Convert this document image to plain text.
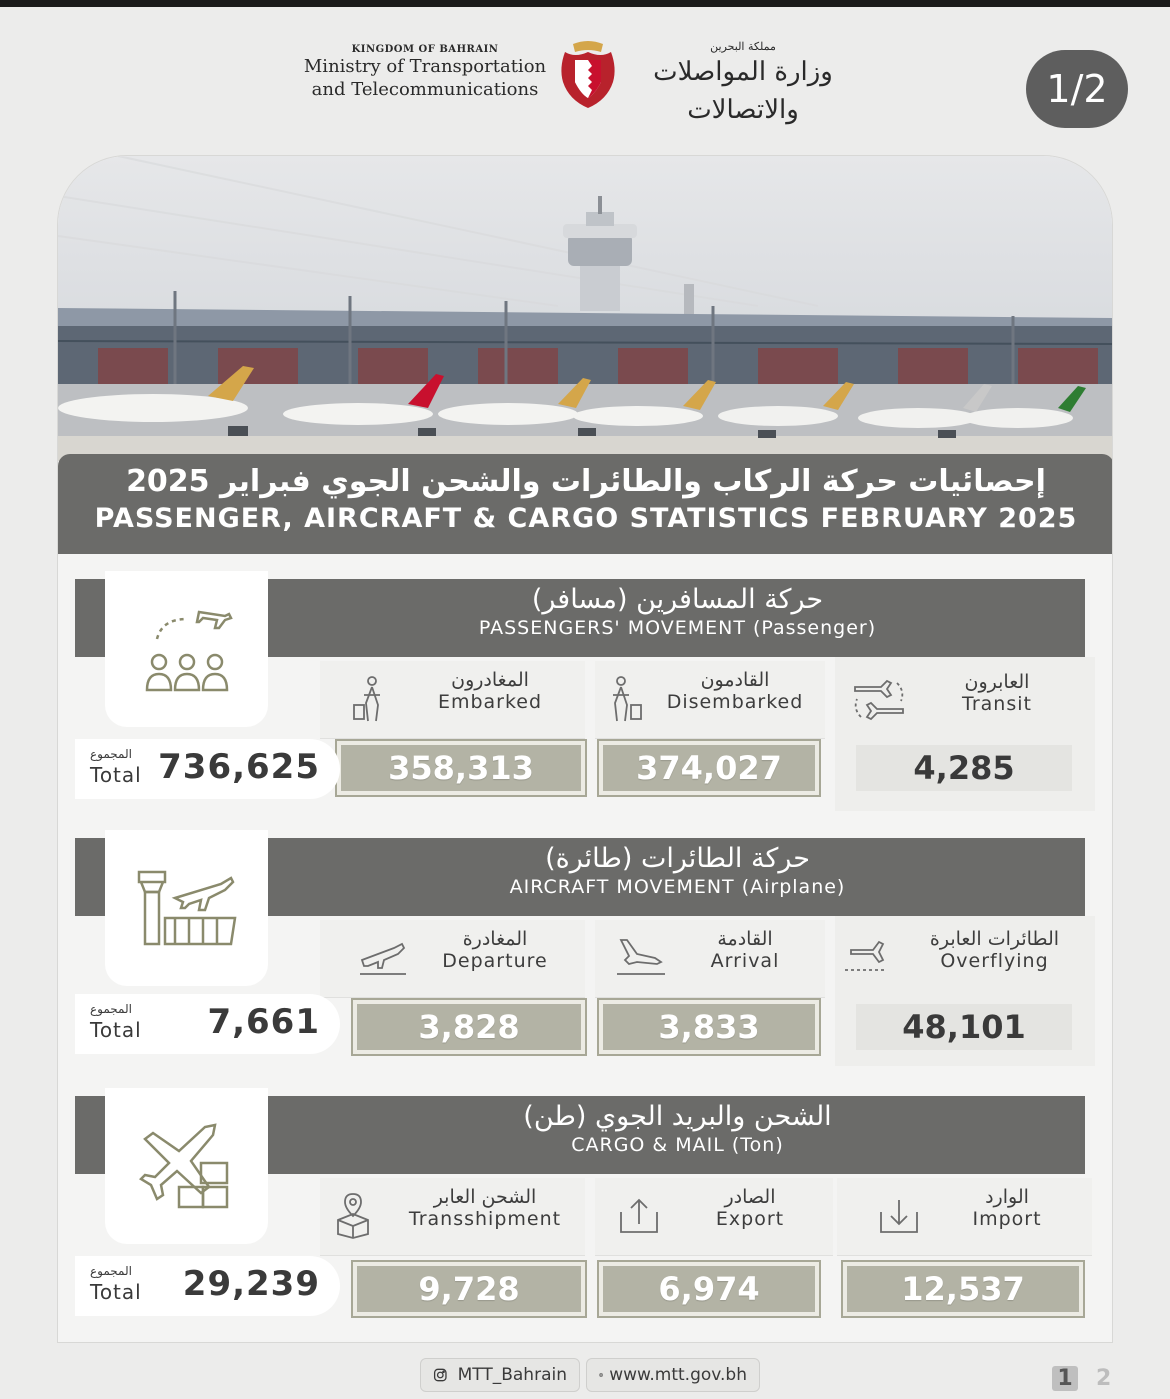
KINGDOM OF BAHRAIN
Ministry of Transportation
and Telecommunications
مملكة البحرين
وزارة المواصلات والاتصالات	1/2
إحصائيات حركة الركاب والطائرات والشحن الجوي فبراير 2025
PASSENGER, AIRCRAFT & CARGO STATISTICS FEBRUARY 2025
حركة المسافرين (مسافر)
PASSENGERS' MOVEMENT (Passenger)
المغادرون
Embarked
القادمون
Disembarked
العابرون
Transit
358,313	374,027	4,285
المجموع
Total 736,625
حركة الطائرات (طائرة)
AIRCRAFT MOVEMENT (Airplane)
المغادرة
Departure
القادمة
Arrival
الطائرات العابرة
Overflying
3,828	3,833	48,101
المجموع
Total 7,661
الشحن والبريد الجوي (طن)
CARGO & MAIL (Ton)
الشحن العابر
Transshipment
الصادر
Export
الوارد
Import
9,728	6,974	12,537
المجموع
Total 29,239
MTT_Bahrain www.mtt.gov.bh	1 2
